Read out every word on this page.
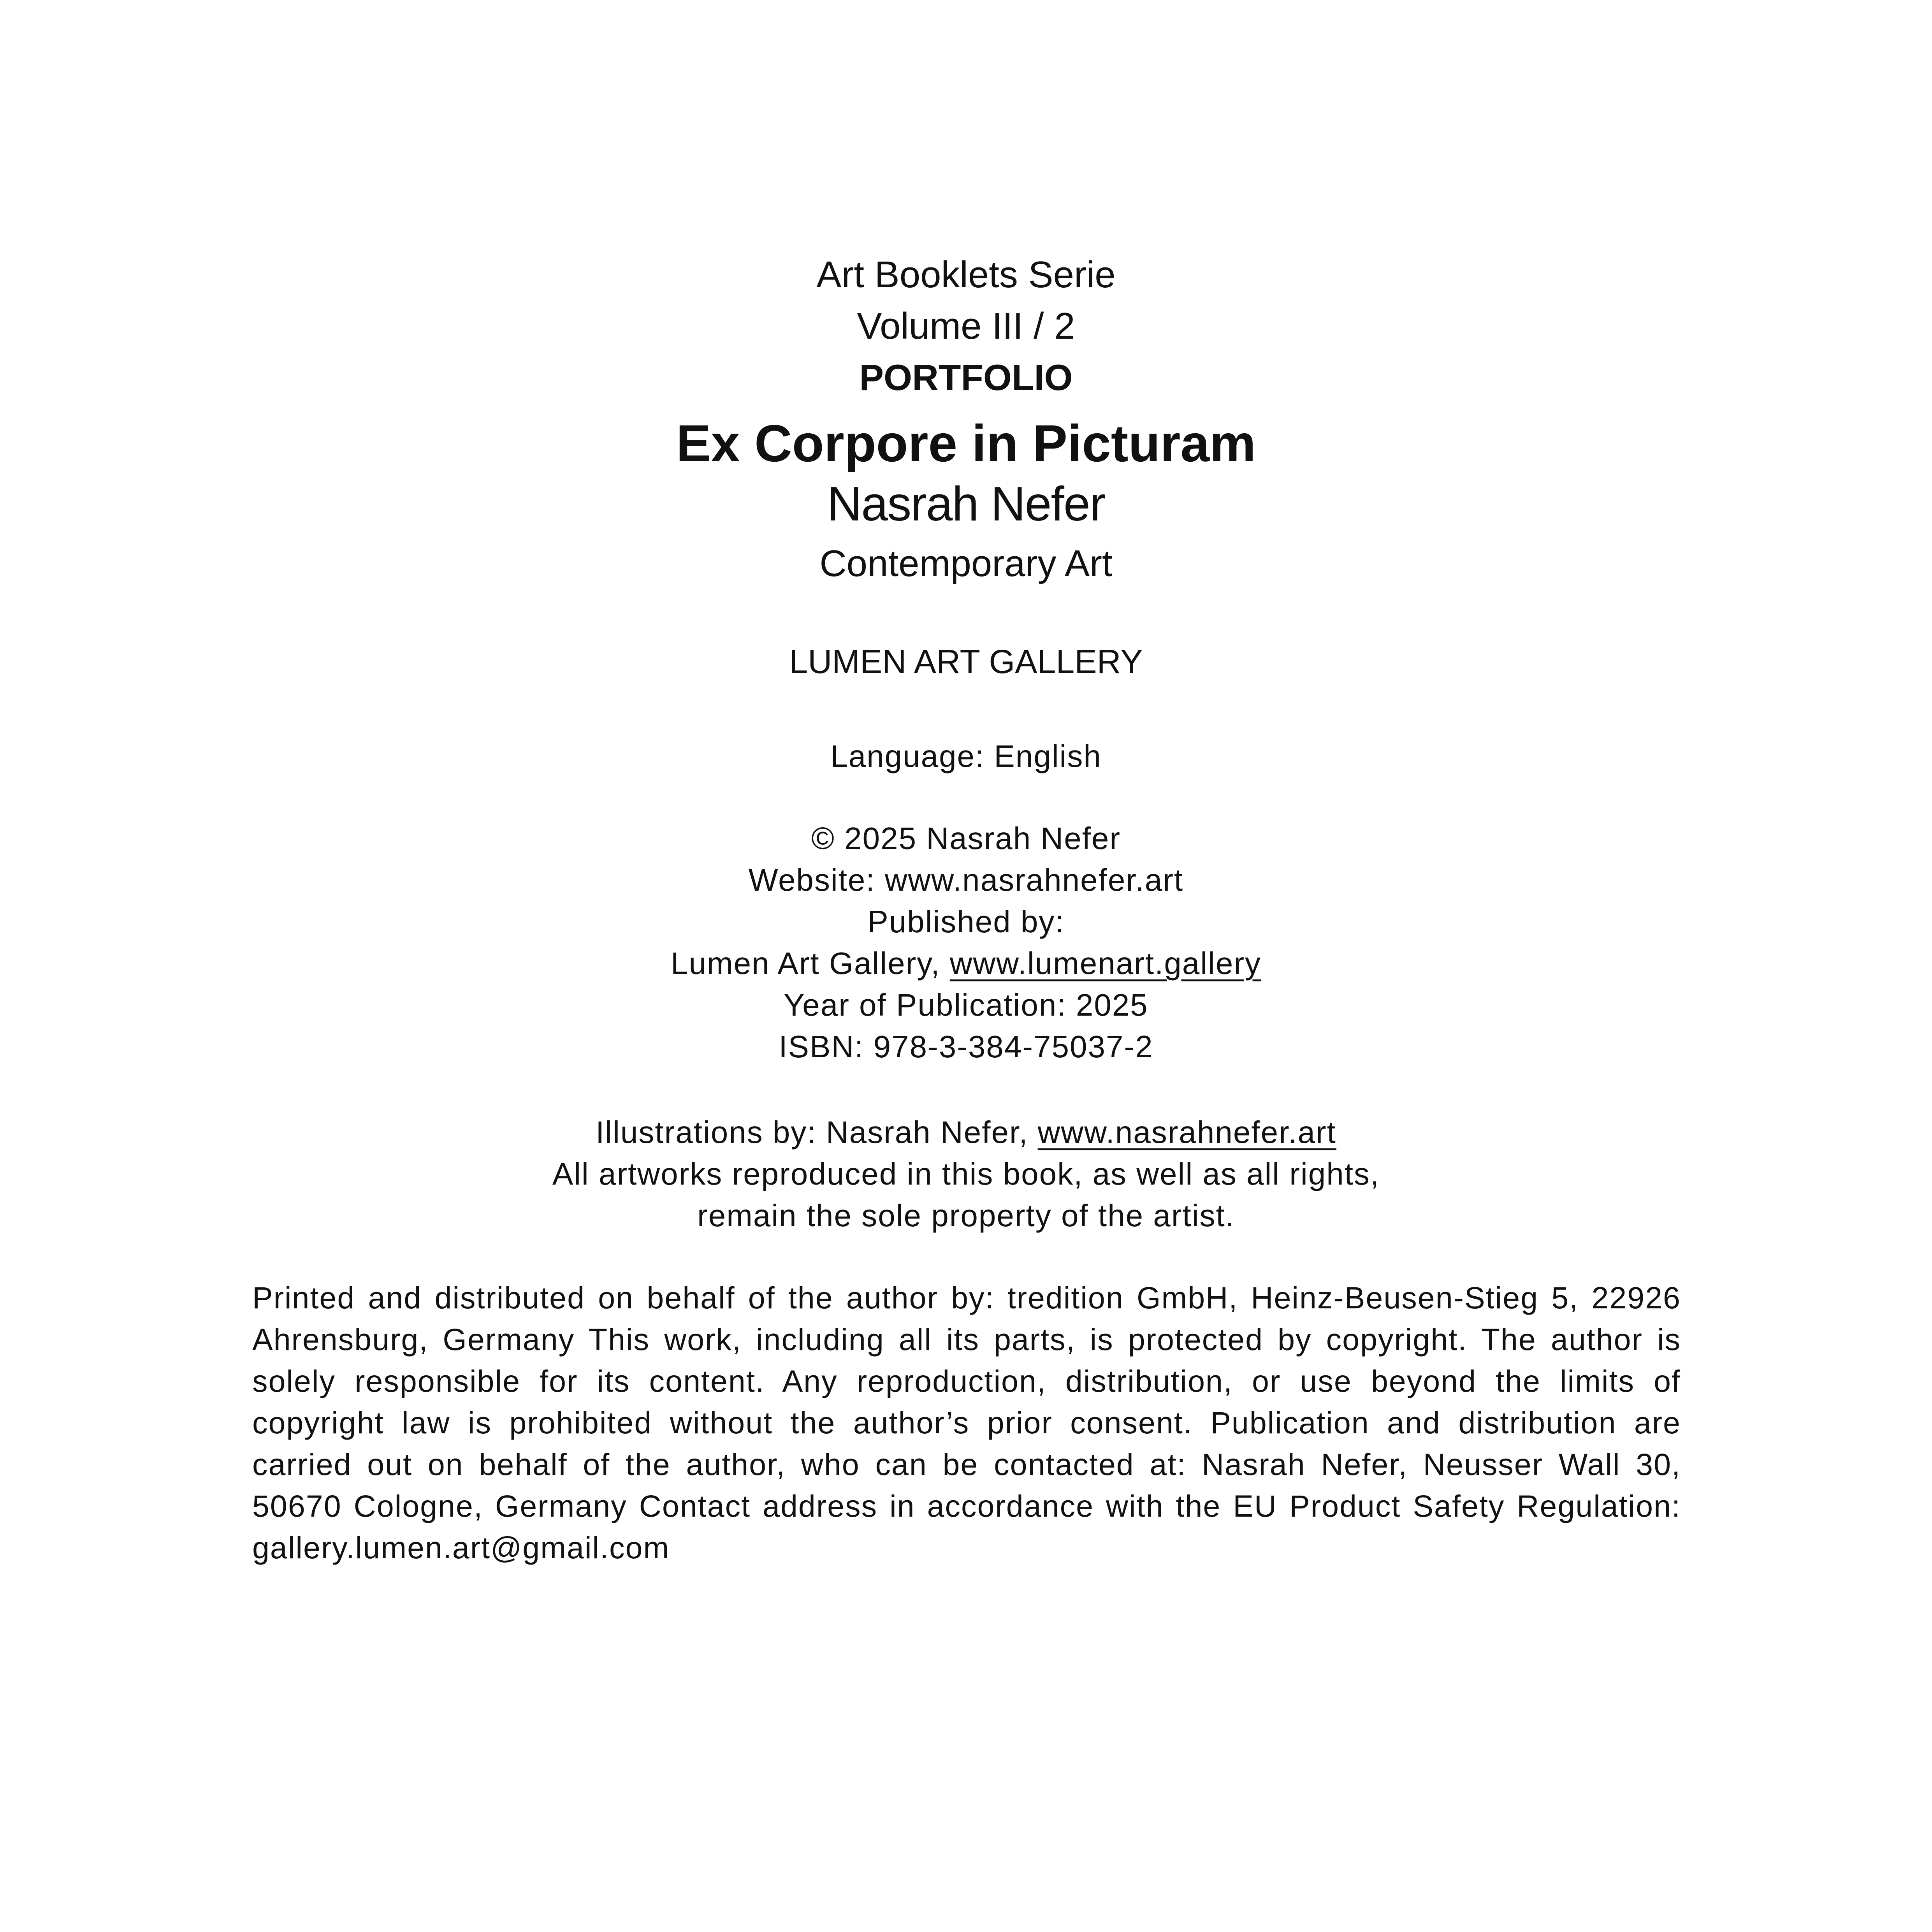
Art Booklets Serie
Volume III / 2
PORTFOLIO
Ex Corpore in Picturam
Nasrah Nefer
Contemporary Art
LUMEN ART GALLERY
Language: English
© 2025 Nasrah Nefer
Website: www.nasrahnefer.art
Published by:
Lumen Art Gallery, www.lumenart.gallery
Year of Publication: 2025
ISBN: 978-3-384-75037-2
Illustrations by: Nasrah Nefer, www.nasrahnefer.art
All artworks reproduced in this book, as well as all rights,
remain the sole property of the artist.
Printed and distributed on behalf of the author by: tredition GmbH, Heinz-Beusen-Stieg 5, 22926 Ahrensburg, Germany This work, including all its parts, is protected by copyright. The author is solely responsible for its content. Any reproduction, distribution, or use beyond the limits of copyright law is prohibited without the author’s prior consent. Publication and distribution are carried out on behalf of the author, who can be contacted at: Nasrah Nefer, Neusser Wall 30, 50670 Cologne, Germany Contact address in accordance with the EU Product Safety Regulation: gallery.lumen.art@gmail.com
